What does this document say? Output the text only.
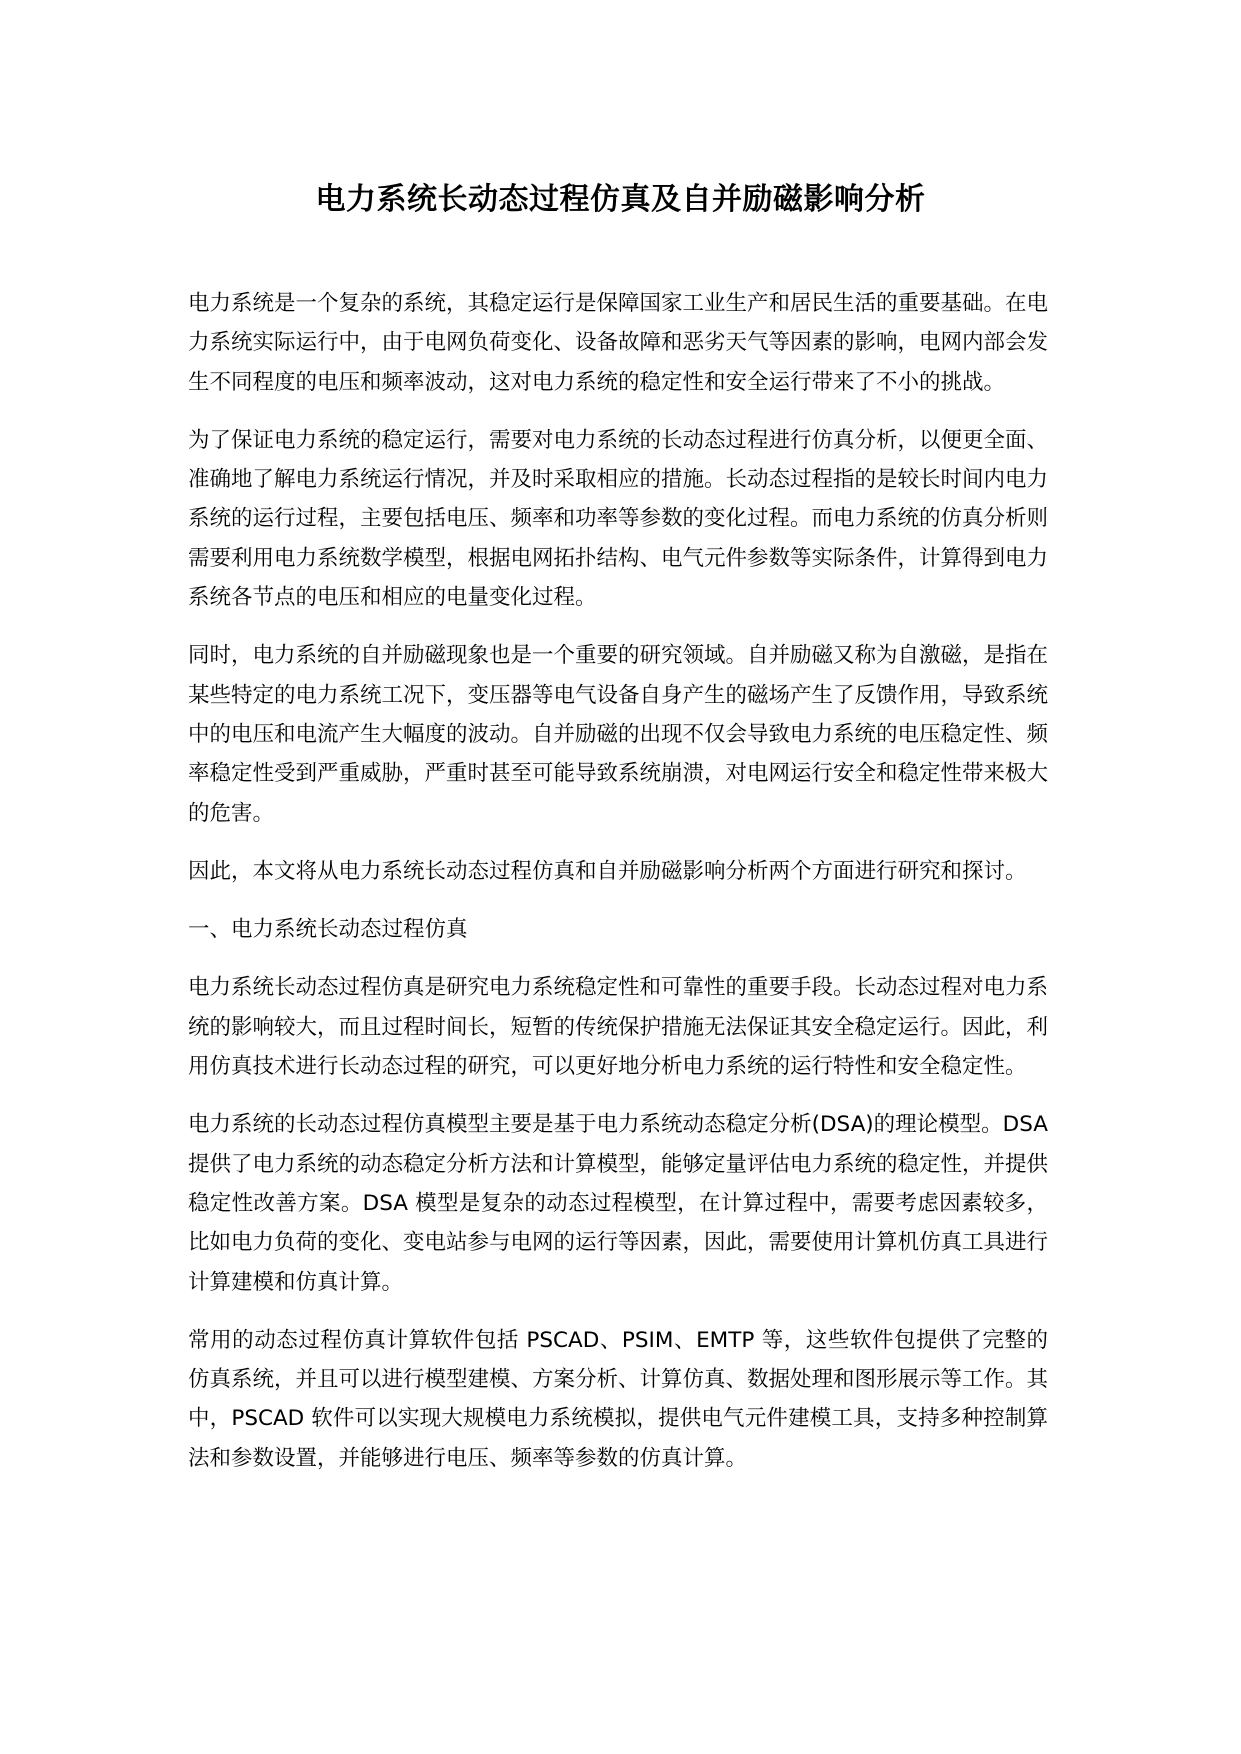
电力系统长动态过程仿真及自并励磁影响分析

电力系统是一个复杂的系统，其稳定运行是保障国家工业生产和居民生活的重要基础。在电力系统实际运行中，由于电网负荷变化、设备故障和恶劣天气等因素的影响，电网内部会发生不同程度的电压和频率波动，这对电力系统的稳定性和安全运行带来了不小的挑战。

为了保证电力系统的稳定运行，需要对电力系统的长动态过程进行仿真分析，以便更全面、准确地了解电力系统运行情况，并及时采取相应的措施。长动态过程指的是较长时间内电力系统的运行过程，主要包括电压、频率和功率等参数的变化过程。而电力系统的仿真分析则需要利用电力系统数学模型，根据电网拓扑结构、电气元件参数等实际条件，计算得到电力系统各节点的电压和相应的电量变化过程。

同时，电力系统的自并励磁现象也是一个重要的研究领域。自并励磁又称为自激磁，是指在某些特定的电力系统工况下，变压器等电气设备自身产生的磁场产生了反馈作用，导致系统中的电压和电流产生大幅度的波动。自并励磁的出现不仅会导致电力系统的电压稳定性、频率稳定性受到严重威胁，严重时甚至可能导致系统崩溃，对电网运行安全和稳定性带来极大的危害。

因此，本文将从电力系统长动态过程仿真和自并励磁影响分析两个方面进行研究和探讨。

一、电力系统长动态过程仿真

电力系统长动态过程仿真是研究电力系统稳定性和可靠性的重要手段。长动态过程对电力系统的影响较大，而且过程时间长，短暂的传统保护措施无法保证其安全稳定运行。因此，利用仿真技术进行长动态过程的研究，可以更好地分析电力系统的运行特性和安全稳定性。

电力系统的长动态过程仿真模型主要是基于电力系统动态稳定分析(DSA)的理论模型。DSA 提供了电力系统的动态稳定分析方法和计算模型，能够定量评估电力系统的稳定性，并提供稳定性改善方案。DSA 模型是复杂的动态过程模型，在计算过程中，需要考虑因素较多，比如电力负荷的变化、变电站参与电网的运行等因素，因此，需要使用计算机仿真工具进行计算建模和仿真计算。

常用的动态过程仿真计算软件包括 PSCAD、PSIM、EMTP 等，这些软件包提供了完整的仿真系统，并且可以进行模型建模、方案分析、计算仿真、数据处理和图形展示等工作。其中，PSCAD 软件可以实现大规模电力系统模拟，提供电气元件建模工具，支持多种控制算法和参数设置，并能够进行电压、频率等参数的仿真计算。
